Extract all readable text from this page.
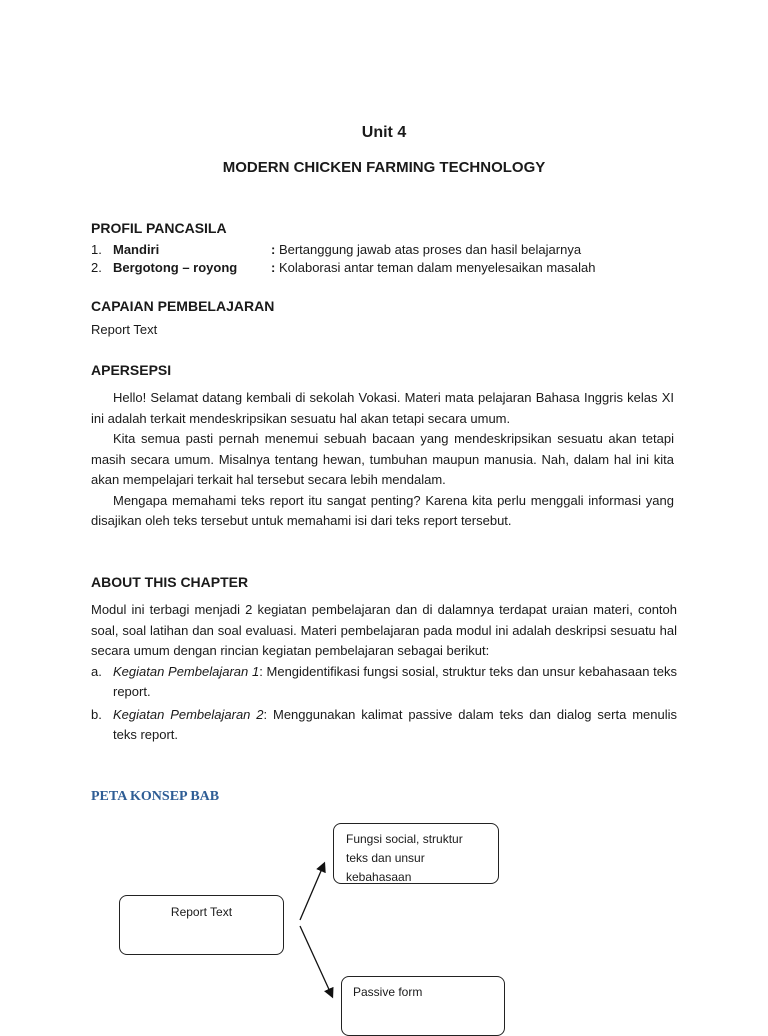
Unit 4
MODERN CHICKEN FARMING TECHNOLOGY
PROFIL PANCASILA
1. Mandiri	: Bertanggung jawab atas proses dan hasil belajarnya
2. Bergotong – royong	: Kolaborasi antar teman dalam menyelesaikan masalah
CAPAIAN PEMBELAJARAN
Report Text
APERSEPSI

Hello! Selamat datang kembali di sekolah Vokasi. Materi mata pelajaran Bahasa Inggris kelas XI ini adalah terkait mendeskripsikan sesuatu hal akan tetapi secara umum.

Kita semua pasti pernah menemui sebuah bacaan yang mendeskripsikan sesuatu akan tetapi masih secara umum. Misalnya tentang hewan, tumbuhan maupun manusia. Nah, dalam hal ini kita akan mempelajari terkait hal tersebut secara lebih mendalam.

Mengapa memahami teks report itu sangat penting? Karena kita perlu menggali informasi yang disajikan oleh teks tersebut untuk memahami isi dari teks report tersebut.

ABOUT THIS CHAPTER

Modul ini terbagi menjadi 2 kegiatan pembelajaran dan di dalamnya terdapat uraian materi, contoh soal, soal latihan dan soal evaluasi. Materi pembelajaran pada modul ini adalah deskripsi sesuatu hal secara umum dengan rincian kegiatan pembelajaran sebagai berikut:

a. Kegiatan Pembelajaran 1: Mengidentifikasi fungsi sosial, struktur teks dan unsur kebahasaan teks report.
b. Kegiatan Pembelajaran 2: Menggunakan kalimat passive dalam teks dan dialog serta menulis teks report.
PETA KONSEP BAB
Report Text
Fungsi social, struktur teks dan unsur kebahasaan
Passive form
